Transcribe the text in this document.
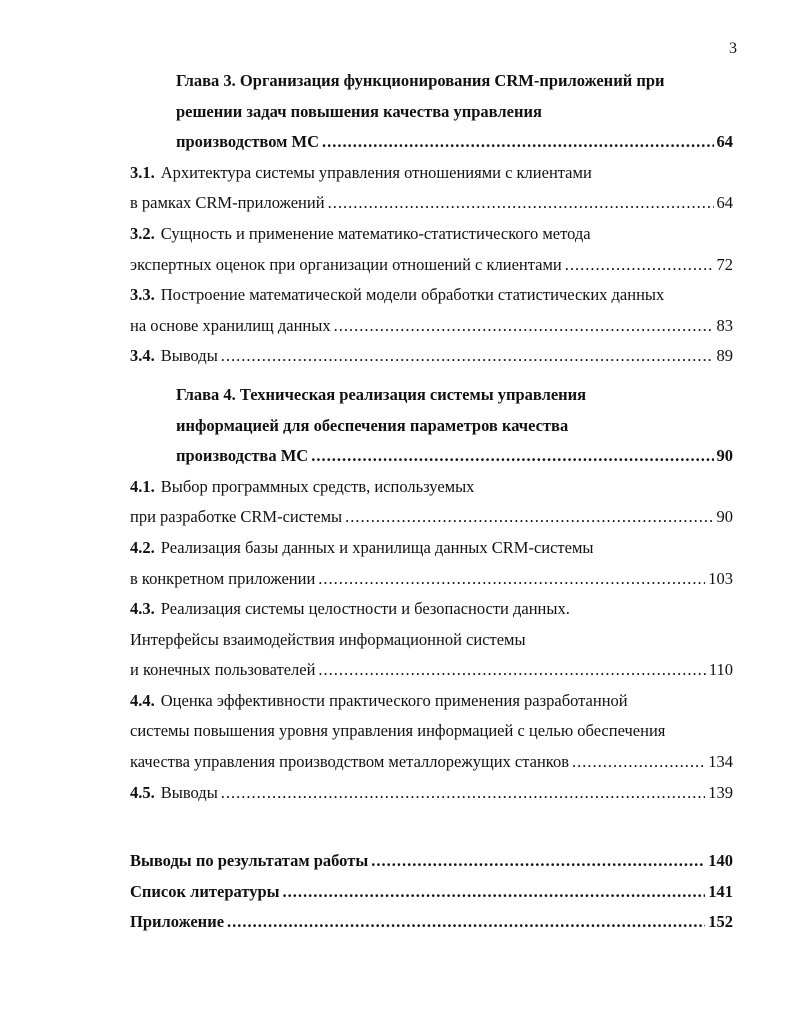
3
Глава 3. Организация функционирования CRM-приложений при
решении задач повышения качества управления
производством МС .....	64
3.1. Архитектура системы управления отношениями с клиентами
в рамках CRM-приложений .....	64
3.2. Сущность и применение математико-статистического метода
экспертных оценок при организации отношений с клиентами .....	72
3.3. Построение математической модели обработки статистических данных
на основе хранилищ данных .....	83
3.4. Выводы .....	89
Глава 4. Техническая реализация системы управления
информацией для обеспечения параметров качества
производства МС .....	90
4.1. Выбор программных средств, используемых
при разработке CRM-системы .....	90
4.2. Реализация базы данных и хранилища данных CRM-системы
в конкретном приложении .....	103
4.3. Реализация системы целостности и безопасности данных.
Интерфейсы взаимодействия информационной системы
и конечных пользователей .....	110
4.4. Оценка эффективности практического применения разработанной
системы повышения уровня управления информацией с целью обеспечения
качества управления производством металлорежущих станков .....	134
4.5. Выводы .....	139
Выводы по результатам работы .....	140
Список литературы .....	141
Приложение .....	152
